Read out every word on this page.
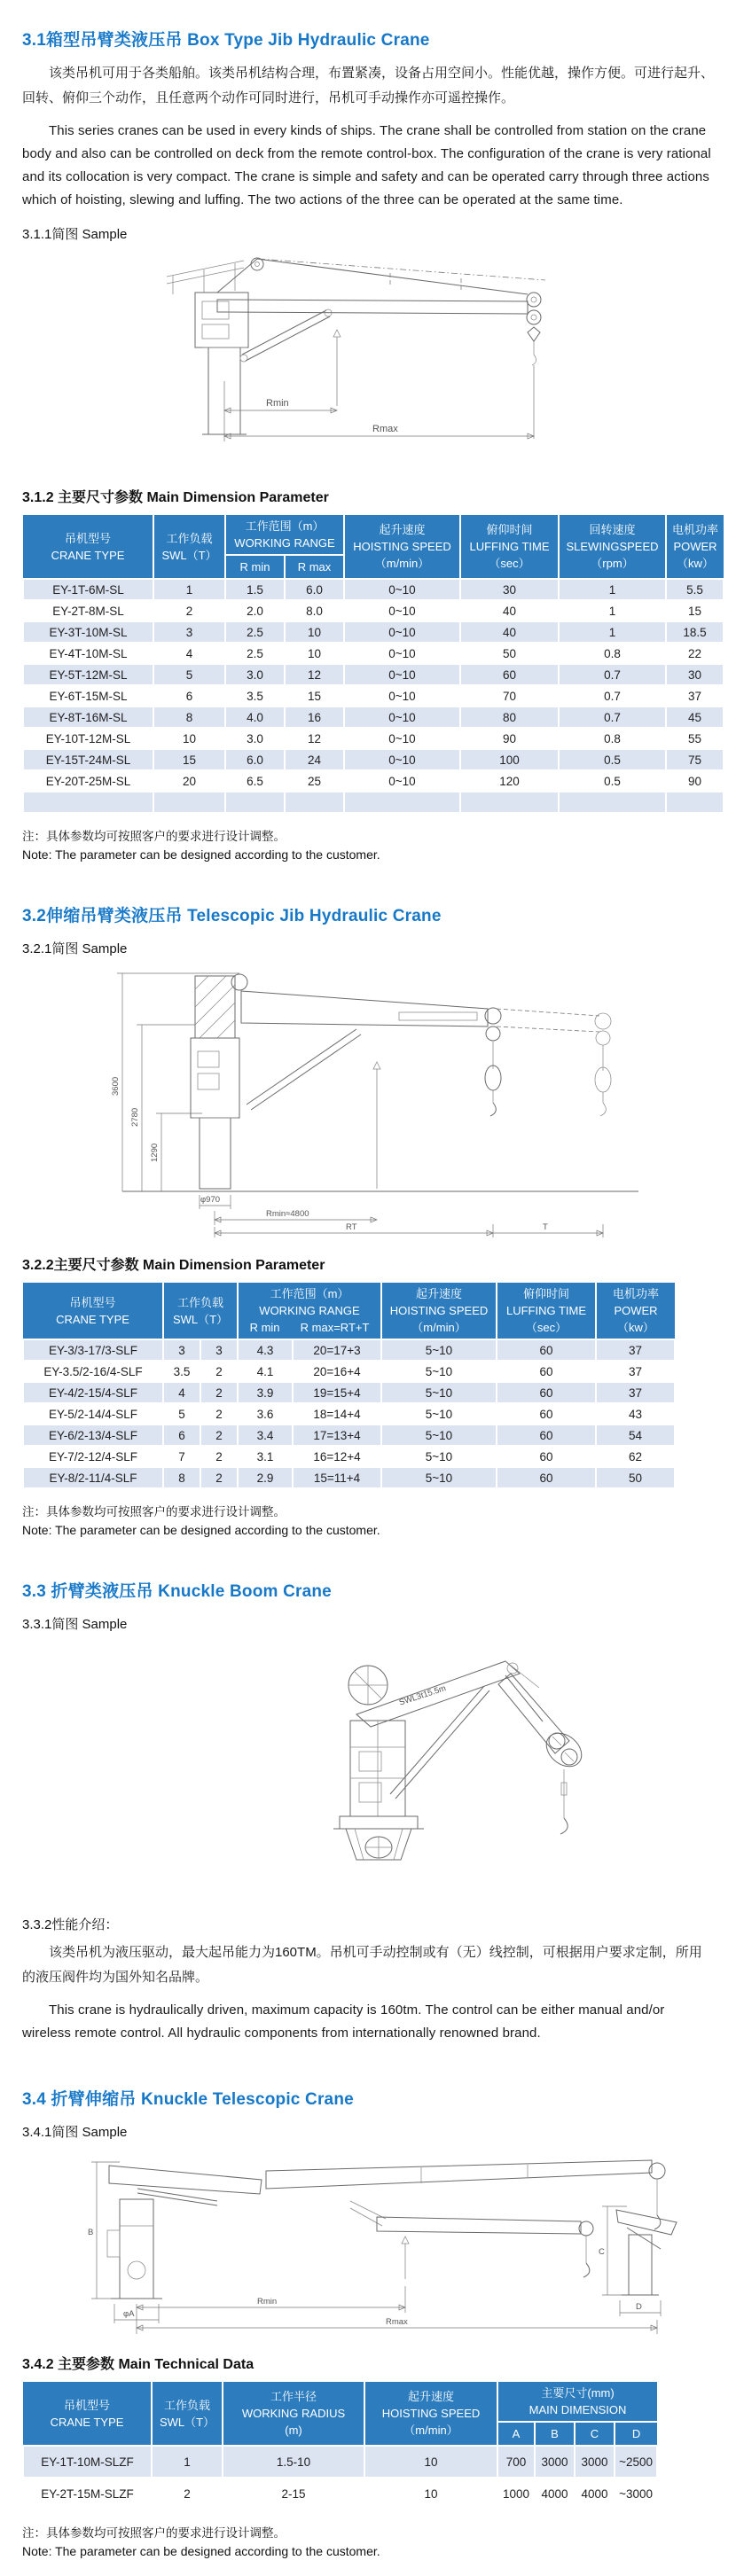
3.1箱型吊臂类液压吊 Box Type Jib Hydraulic Crane

该类吊机可用于各类船舶。该类吊机结构合理，布置紧凑，设备占用空间小。性能优越，操作方便。可进行起升、回转、俯仰三个动作，且任意两个动作可同时进行，吊机可手动操作亦可遥控操作。

This series cranes can be used in every kinds of ships. The crane shall be controlled from station on the crane body and also can be controlled on deck from the remote control-box. The configuration of the crane is very rational and its collocation is very compact. The crane is simple and safety and can be operated carry through three actions which of hoisting, slewing and luffing. The two actions of the three can be operated at the same time.

3.1.1简图 Sample
Rmin
Rmax
3.1.2 主要尺寸参数 Main Dimension Parameter
吊机型号
CRANE TYPE

工作负载
SWL（T）

工作范围（m）
WORKING RANGE

起升速度
HOISTING SPEED
（m/min）

俯仰时间
LUFFING TIME
（sec）

回转速度
SLEWINGSPEED
（rpm）

电机功率
POWER
（kw）

		R min	R max				
EY-1T-6M-SL	1	1.5	6.0	0~10	30	1	5.5
EY-2T-8M-SL	2	2.0	8.0	0~10	40	1	15
EY-3T-10M-SL	3	2.5	10	0~10	40	1	18.5
EY-4T-10M-SL	4	2.5	10	0~10	50	0.8	22
EY-5T-12M-SL	5	3.0	12	0~10	60	0.7	30
EY-6T-15M-SL	6	3.5	15	0~10	70	0.7	37
EY-8T-16M-SL	8	4.0	16	0~10	80	0.7	45
EY-10T-12M-SL	10	3.0	12	0~10	90	0.8	55
EY-15T-24M-SL	15	6.0	24	0~10	100	0.5	75
EY-20T-25M-SL	20	6.5	25	0~10	120	0.5	90

注：具体参数均可按照客户的要求进行设计调整。
Note: The parameter can be designed according to the customer.
3.2伸缩吊臂类液压吊 Telescopic Jib Hydraulic Crane
3.2.1简图 Sample
3600
2780
1290
φ970
Rmin≈4800
RT	T
3.2.2主要尺寸参数 Main Dimension Parameter
吊机型号
CRANE TYPE

工作负载
SWL（T）

工作范围（m）
WORKING RANGE
R min R max=RT+T

起升速度
HOISTING SPEED
（m/min）

俯仰时间
LUFFING TIME
（sec）

电机功率
POWER
（kw）

EY-3/3-17/3-SLF	3	3	4.3	20=17+3	5~10	60	37
EY-3.5/2-16/4-SLF	3.5	2	4.1	20=16+4	5~10	60	37
EY-4/2-15/4-SLF	4	2	3.9	19=15+4	5~10	60	37
EY-5/2-14/4-SLF	5	2	3.6	18=14+4	5~10	60	43
EY-6/2-13/4-SLF	6	2	3.4	17=13+4	5~10	60	54
EY-7/2-12/4-SLF	7	2	3.1	16=12+4	5~10	60	62
EY-8/2-11/4-SLF	8	2	2.9	15=11+4	5~10	60	50
注：具体参数均可按照客户的要求进行设计调整。
Note: The parameter can be designed according to the customer.
3.3 折臂类液压吊 Knuckle Boom Crane
3.3.1简图 Sample
SWL3t15.5m
3.3.2性能介绍：

该类吊机为液压驱动，最大起吊能力为160TM。吊机可手动控制或有（无）线控制，可根据用户要求定制，所用的液压阀件均为国外知名品牌。

This crane is hydraulically driven, maximum capacity is 160tm. The control can be either manual and/or wireless remote control. All hydraulic components from internationally renowned brand.

3.4 折臂伸缩吊 Knuckle Telescopic Crane
3.4.1简图 Sample
B
φA
C
D
Rmin
Rmax
3.4.2 主要参数 Main Technical Data
吊机型号
CRANE TYPE

工作负载
SWL（T）

工作半径
WORKING RADIUS
(m)

起升速度
HOISTING SPEED
（m/min）

主要尺寸(mm)
MAIN DIMENSION

				A	B	C	D
EY-1T-10M-SLZF	1	1.5-10	10	700	3000	3000	~2500
EY-2T-15M-SLZF	2	2-15	10	1000	4000	4000	~3000
注：具体参数均可按照客户的要求进行设计调整。
Note: The parameter can be designed according to the customer.
